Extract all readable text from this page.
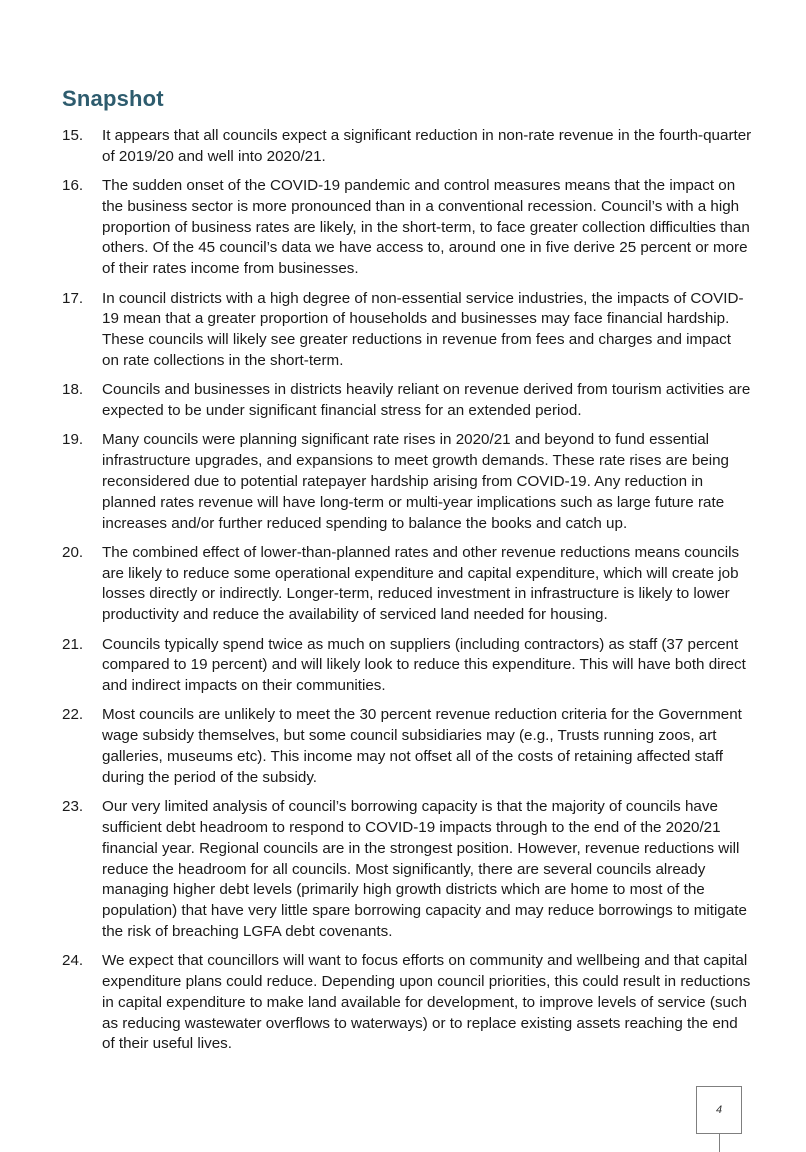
Snapshot
15.	It appears that all councils expect a significant reduction in non-rate revenue in the fourth-quarter of 2019/20 and well into 2020/21.
16.	The sudden onset of the COVID-19 pandemic and control measures means that the impact on the business sector is more pronounced than in a conventional recession. Council’s with a high proportion of business rates are likely, in the short-term, to face greater collection difficulties than others. Of the 45 council’s data we have access to, around one in five derive 25 percent or more of their rates income from businesses.
17.	In council districts with a high degree of non-essential service industries, the impacts of COVID-19 mean that a greater proportion of households and businesses may face financial hardship. These councils will likely see greater reductions in revenue from fees and charges and impact on rate collections in the short-term.
18.	Councils and businesses in districts heavily reliant on revenue derived from tourism activities are expected to be under significant financial stress for an extended period.
19.	Many councils were planning significant rate rises in 2020/21 and beyond to fund essential infrastructure upgrades, and expansions to meet growth demands. These rate rises are being reconsidered due to potential ratepayer hardship arising from COVID-19. Any reduction in planned rates revenue will have long-term or multi-year implications such as large future rate increases and/or further reduced spending to balance the books and catch up.
20.	The combined effect of lower-than-planned rates and other revenue reductions means councils are likely to reduce some operational expenditure and capital expenditure, which will create job losses directly or indirectly. Longer-term, reduced investment in infrastructure is likely to lower productivity and reduce the availability of serviced land needed for housing.
21.	Councils typically spend twice as much on suppliers (including contractors) as staff (37 percent compared to 19 percent) and will likely look to reduce this expenditure. This will have both direct and indirect impacts on their communities.
22.	Most councils are unlikely to meet the 30 percent revenue reduction criteria for the Government wage subsidy themselves, but some council subsidiaries may (e.g., Trusts running zoos, art galleries, museums etc). This income may not offset all of the costs of retaining affected staff during the period of the subsidy.
23.	Our very limited analysis of council’s borrowing capacity is that the majority of councils have sufficient debt headroom to respond to COVID-19 impacts through to the end of the 2020/21 financial year. Regional councils are in the strongest position. However, revenue reductions will reduce the headroom for all councils. Most significantly, there are several councils already managing higher debt levels (primarily high growth districts which are home to most of the population) that have very little spare borrowing capacity and may reduce borrowings to mitigate the risk of breaching LGFA debt covenants.
24.	We expect that councillors will want to focus efforts on community and wellbeing and that capital expenditure plans could reduce. Depending upon council priorities, this could result in reductions in capital expenditure to make land available for development, to improve levels of service (such as reducing wastewater overflows to waterways) or to replace existing assets reaching the end of their useful lives.
4
